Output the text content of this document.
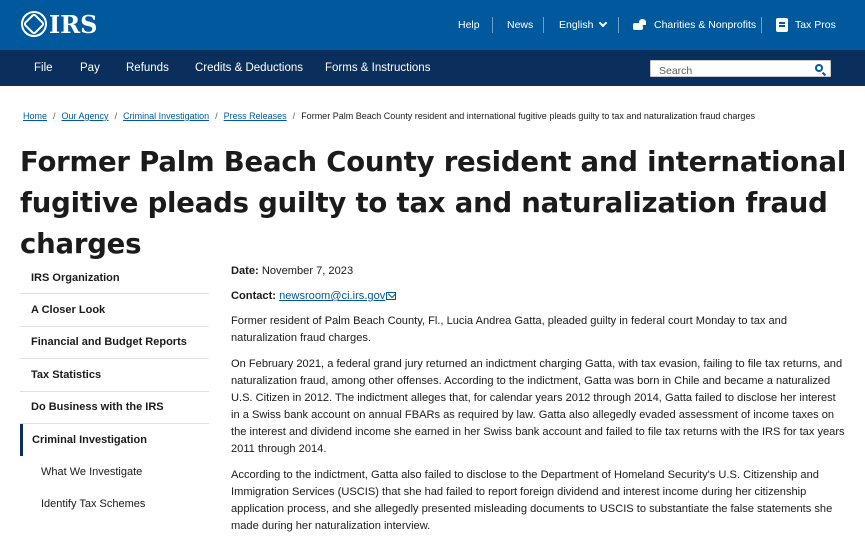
IRS	Help	News English	Charities & Nonprofits	Tax Pros
File Pay Refunds Credits & Deductions Forms & Instructions
Search
Home / Our Agency / Criminal Investigation / Press Releases / Former Palm Beach County resident and international fugitive pleads guilty to tax and naturalization fraud charges
Former Palm Beach County resident and international fugitive pleads guilty to tax and naturalization fraud charges
IRS Organization
A Closer Look
Financial and Budget Reports
Tax Statistics
Do Business with the IRS
Criminal Investigation
What We Investigate
Identify Tax Schemes
Date: November 7, 2023
Contact: newsroom@ci.irs.gov

Former resident of Palm Beach County, Fl., Lucia Andrea Gatta, pleaded guilty in federal court Monday to tax and naturalization fraud charges.

On February 2021, a federal grand jury returned an indictment charging Gatta, with tax evasion, failing to file tax returns, and naturalization fraud, among other offenses. According to the indictment, Gatta was born in Chile and became a naturalized U.S. Citizen in 2012. The indictment alleges that, for calendar years 2012 through 2014, Gatta failed to disclose her interest in a Swiss bank account on annual FBARs as required by law. Gatta also allegedly evaded assessment of income taxes on the interest and dividend income she earned in her Swiss bank account and failed to file tax returns with the IRS for tax years 2011 through 2014.

According to the indictment, Gatta also failed to disclose to the Department of Homeland Security's U.S. Citizenship and Immigration Services (USCIS) that she had failed to report foreign dividend and interest income during her citizenship application process, and she allegedly presented misleading documents to USCIS to substantiate the false statements she made during her naturalization interview.
